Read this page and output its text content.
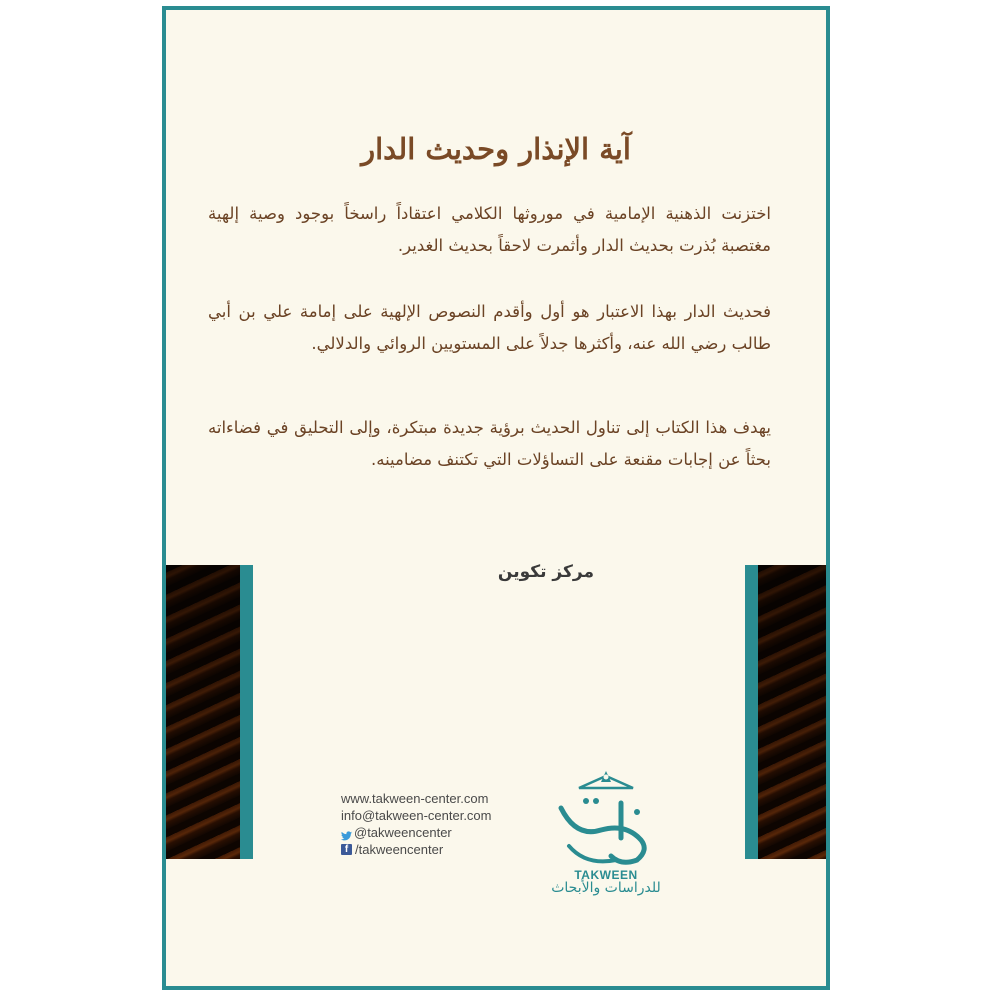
آية الإنذار وحديث الدار

اختزنت الذهنية الإمامية في موروثها الكلامي اعتقاداً راسخاً بوجود وصية إلهية مغتصبة بُذرت بحديث الدار وأثمرت لاحقاً بحديث الغدير.

فحديث الدار بهذا الاعتبار هو أول وأقدم النصوص الإلهية على إمامة علي بن أبي طالب رضي الله عنه، وأكثرها جدلاً على المستويين الروائي والدلالي.

يهدف هذا الكتاب إلى تناول الحديث برؤية جديدة مبتكرة، وإلى التحليق في فضاءاته بحثاً عن إجابات مقنعة على التساؤلات التي تكتنف مضامينه.

مركز تكوين

www.takween-center.com
info@takween-center.com
@takweencenter
f /takweencenter
TAKWEEN
للدراسات والأبحاث
